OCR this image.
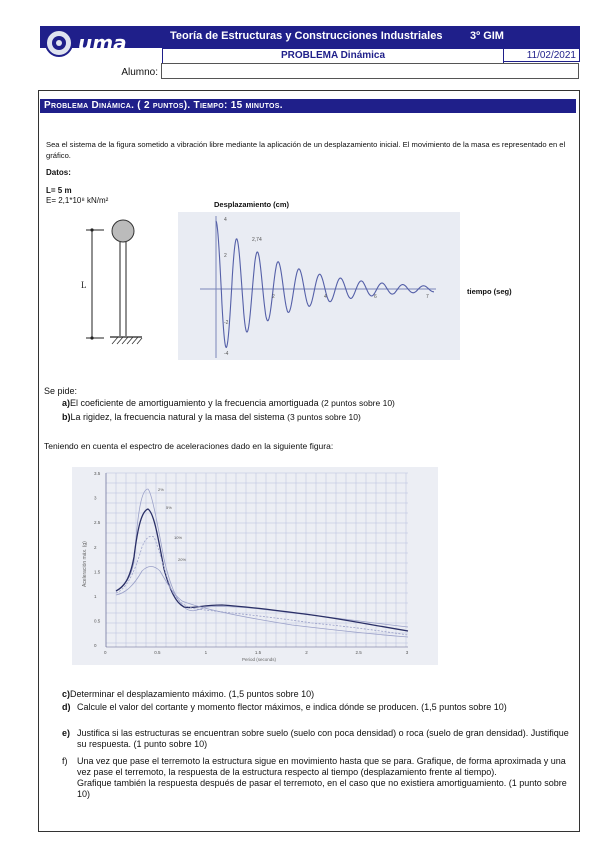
uma	Teoría de Estructuras y Construcciones Industriales	3º GIM
PROBLEMA Dinámica	11/02/2021
Alumno:
Problema Dinámica. ( 2 puntos). Tiempo: 15 minutos.
Sea el sistema de la figura sometido a vibración libre mediante la aplicación de un desplazamiento inicial. El movimiento de la masa es representado en el gráfico.
Datos:
L= 5 m
E= 2,1*10⁸ kN/m²
L
Desplazamiento (cm)
4
2
-2
-4
2,74
2	4	6	7
tiempo (seg)
Se pide:
a)El coeficiente de amortiguamiento y la frecuencia amortiguada (2 puntos sobre 10)
b)La rigidez, la frecuencia natural y la masa del sistema (3 puntos sobre 10)
Teniendo en cuenta el espectro de aceleraciones dado en la siguiente figura:
3.5
3
2.5
2
1.5
1
0.5
0
0	0.5	1	1.5	2	2.5	3
Aceleración máx. (g)
Period (seconds)
2%
5%
10%
20%
c)Determinar el desplazamiento máximo. (1,5 puntos sobre 10)
d) Calcule el valor del cortante y momento flector máximos, e indica dónde se producen. (1,5 puntos sobre 10)
e) Justifica si las estructuras se encuentran sobre suelo (suelo con poca densidad) o roca (suelo de gran densidad). Justifique su respuesta. (1 punto sobre 10)
f)	Una vez que pase el terremoto la estructura sigue en movimiento hasta que se para. Grafique, de forma aproximada y una vez pase el terremoto, la respuesta de la estructura respecto al tiempo (desplazamiento frente al tiempo).
Grafique también la respuesta después de pasar el terremoto, en el caso que no existiera amortiguamiento. (1 punto sobre 10)
